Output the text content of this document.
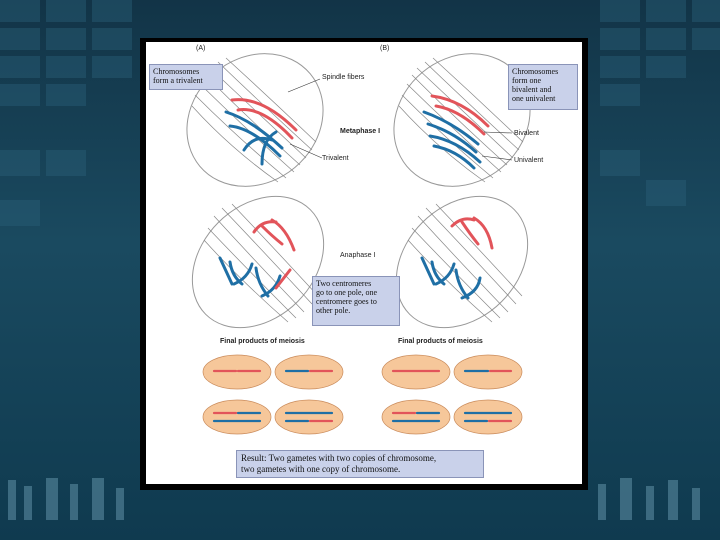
(A)	(B)
Chromosomes
form a trivalent
Chromosomes
form one
bivalent and
one univalent
Two centromeres
go to one pole, one
centromere goes to
other pole.
Spindle fibers
Metaphase I
Trivalent
Bivalent
Univalent
Anaphase I
Final products of meiosis	Final products of meiosis
Result: Two gametes with two copies of chromosome,
two gametes with one copy of chromosome.
